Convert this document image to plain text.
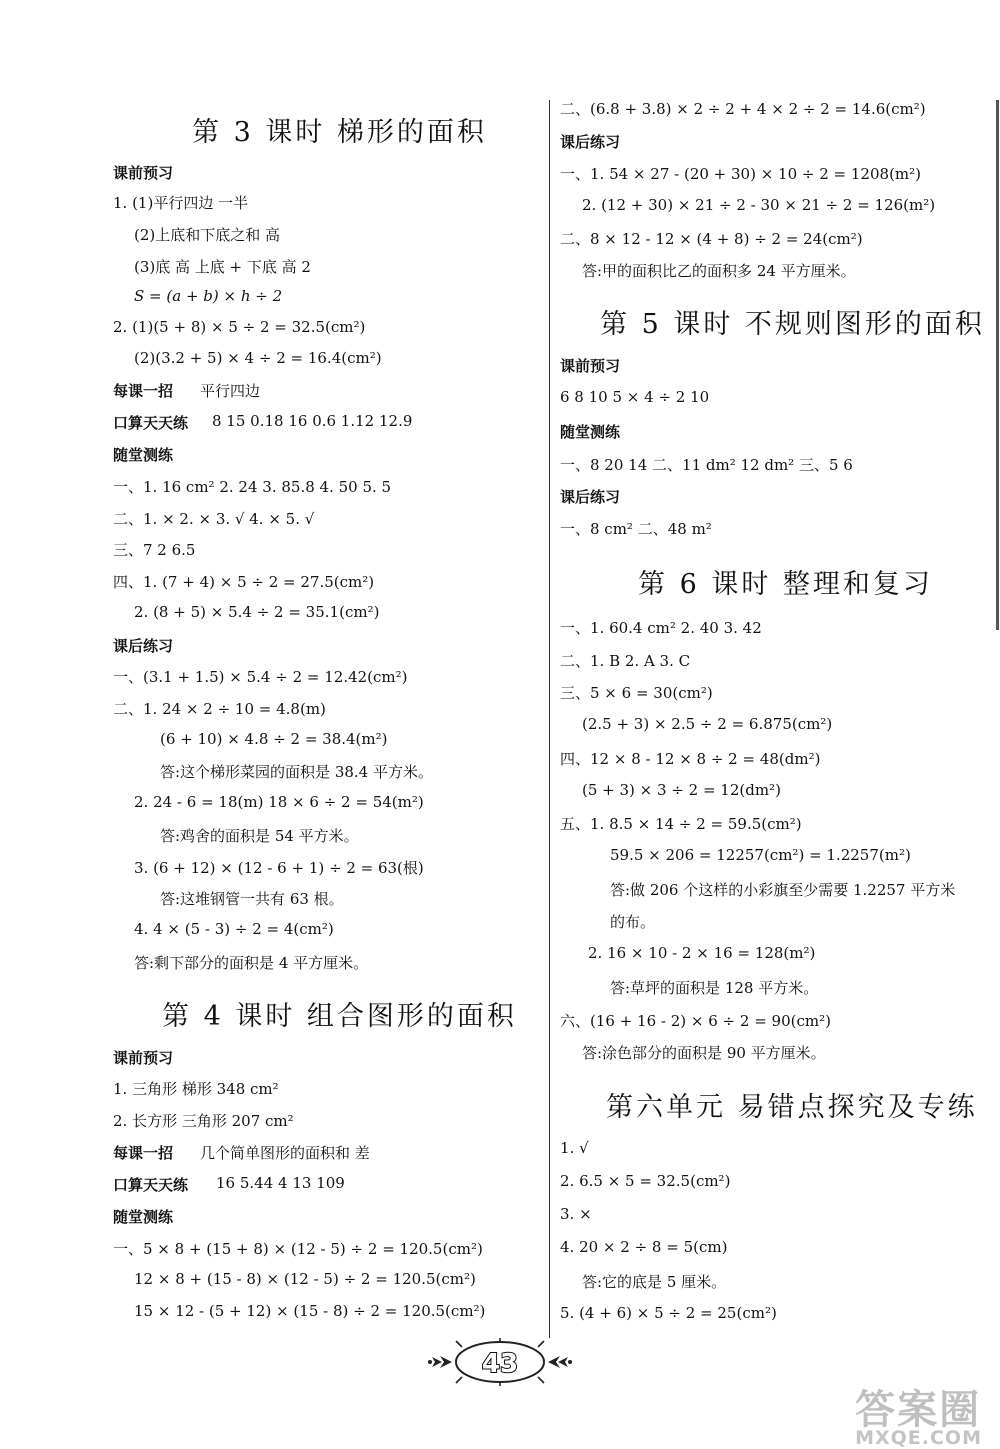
第 3 课时 梯形的面积
课前预习
1. (1)平行四边 一半
(2)上底和下底之和 高
(3)底 高 上底 + 下底 高 2
S = (a + b) × h ÷ 2
2. (1)(5 + 8) × 5 ÷ 2 = 32.5(cm²)
(2)(3.2 + 5) × 4 ÷ 2 = 16.4(cm²)
每课一招 平行四边
口算天天练 8 15 0.18 16 0.6 1.12 12.9
随堂测练
一、1. 16 cm² 2. 24 3. 85.8 4. 50 5. 5
二、1. × 2. × 3. √ 4. × 5. √
三、7 2 6.5
四、1. (7 + 4) × 5 ÷ 2 = 27.5(cm²)
2. (8 + 5) × 5.4 ÷ 2 = 35.1(cm²)
课后练习
一、(3.1 + 1.5) × 5.4 ÷ 2 = 12.42(cm²)
二、1. 24 × 2 ÷ 10 = 4.8(m)
(6 + 10) × 4.8 ÷ 2 = 38.4(m²)
答:这个梯形菜园的面积是 38.4 平方米。
2. 24 - 6 = 18(m) 18 × 6 ÷ 2 = 54(m²)
答:鸡舍的面积是 54 平方米。
3. (6 + 12) × (12 - 6 + 1) ÷ 2 = 63(根)
答:这堆钢管一共有 63 根。
4. 4 × (5 - 3) ÷ 2 = 4(cm²)
答:剩下部分的面积是 4 平方厘米。
第 4 课时 组合图形的面积
课前预习
1. 三角形 梯形 348 cm²
2. 长方形 三角形 207 cm²
每课一招 几个简单图形的面积和 差
口算天天练 16 5.44 4 13 109
随堂测练
一、5 × 8 + (15 + 8) × (12 - 5) ÷ 2 = 120.5(cm²)
12 × 8 + (15 - 8) × (12 - 5) ÷ 2 = 120.5(cm²)
15 × 12 - (5 + 12) × (15 - 8) ÷ 2 = 120.5(cm²)
二、(6.8 + 3.8) × 2 ÷ 2 + 4 × 2 ÷ 2 = 14.6(cm²)
课后练习
一、1. 54 × 27 - (20 + 30) × 10 ÷ 2 = 1208(m²)
2. (12 + 30) × 21 ÷ 2 - 30 × 21 ÷ 2 = 126(m²)
二、8 × 12 - 12 × (4 + 8) ÷ 2 = 24(cm²)
答:甲的面积比乙的面积多 24 平方厘米。
第 5 课时 不规则图形的面积
课前预习
6 8 10 5 × 4 ÷ 2 10
随堂测练
一、8 20 14 二、11 dm² 12 dm² 三、5 6
课后练习
一、8 cm² 二、48 m²
第 6 课时 整理和复习
一、1. 60.4 cm² 2. 40 3. 42
二、1. B 2. A 3. C
三、5 × 6 = 30(cm²)
(2.5 + 3) × 2.5 ÷ 2 = 6.875(cm²)
四、12 × 8 - 12 × 8 ÷ 2 = 48(dm²)
(5 + 3) × 3 ÷ 2 = 12(dm²)
五、1. 8.5 × 14 ÷ 2 = 59.5(cm²)
59.5 × 206 = 12257(cm²) = 1.2257(m²)
答:做 206 个这样的小彩旗至少需要 1.2257 平方米
的布。
2. 16 × 10 - 2 × 16 = 128(m²)
答:草坪的面积是 128 平方米。
六、(16 + 16 - 2) × 6 ÷ 2 = 90(cm²)
答:涂色部分的面积是 90 平方厘米。
第六单元 易错点探究及专练
1. √
2. 6.5 × 5 = 32.5(cm²)
3. ×
4. 20 × 2 ÷ 8 = 5(cm)
答:它的底是 5 厘米。
5. (4 + 6) × 5 ÷ 2 = 25(cm²)
43
答案圈
MXQE.COM
